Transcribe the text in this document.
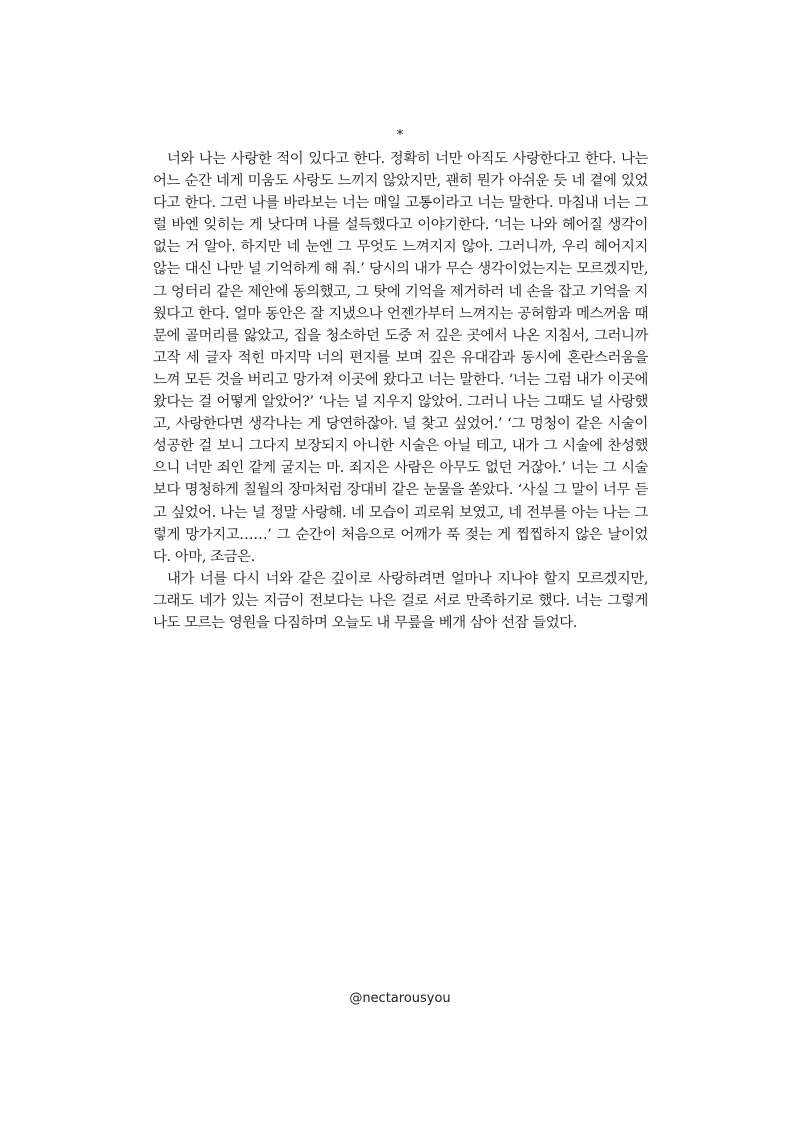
*

너와 나는 사랑한 적이 있다고 한다. 정확히 너만 아직도 사랑한다고 한다. 나는 어느 순간 네게 미움도 사랑도 느끼지 않았지만, 괜히 뭔가 아쉬운 듯 네 곁에 있었다고 한다. 그런 나를 바라보는 너는 매일 고통이라고 너는 말한다. 마침내 너는 그럴 바엔 잊히는 게 낫다며 나를 설득했다고 이야기한다. ‘너는 나와 헤어질 생각이 없는 거 알아. 하지만 네 눈엔 그 무엇도 느껴지지 않아. 그러니까, 우리 헤어지지 않는 대신 나만 널 기억하게 해 줘.’ 당시의 내가 무슨 생각이었는지는 모르겠지만, 그 엉터리 같은 제안에 동의했고, 그 탓에 기억을 제거하러 네 손을 잡고 기억을 지웠다고 한다. 얼마 동안은 잘 지냈으나 언젠가부터 느껴지는 공허함과 메스꺼움 때문에 골머리를 앓았고, 집을 청소하던 도중 저 깊은 곳에서 나온 지침서, 그러니까 고작 세 글자 적힌 마지막 너의 편지를 보며 깊은 유대감과 동시에 혼란스러움을 느껴 모든 것을 버리고 망가져 이곳에 왔다고 너는 말한다. ‘너는 그럼 내가 이곳에 왔다는 걸 어떻게 알았어?’ ‘나는 널 지우지 않았어. 그러니 나는 그때도 널 사랑했고, 사랑한다면 생각나는 게 당연하잖아. 널 찾고 싶었어.’ ‘그 멍청이 같은 시술이 성공한 걸 보니 그다지 보장되지 아니한 시술은 아닐 테고, 내가 그 시술에 찬성했으니 너만 죄인 같게 굴지는 마. 죄지은 사람은 아무도 없던 거잖아.’ 너는 그 시술보다 명청하게 칠월의 장마처럼 장대비 같은 눈물을 쏟았다. ‘사실 그 말이 너무 듣고 싶었어. 나는 널 정말 사랑해. 네 모습이 괴로워 보였고, 네 전부를 아는 나는 그렇게 망가지고……’ 그 순간이 처음으로 어깨가 푹 젖는 게 찝찝하지 않은 날이었다. 아마, 조금은.

내가 너를 다시 너와 같은 깊이로 사랑하려면 얼마나 지나야 할지 모르겠지만, 그래도 네가 있는 지금이 전보다는 나은 걸로 서로 만족하기로 했다. 너는 그렇게 나도 모르는 영원을 다짐하며 오늘도 내 무릎을 베개 삼아 선잠 들었다.

@nectarousyou
